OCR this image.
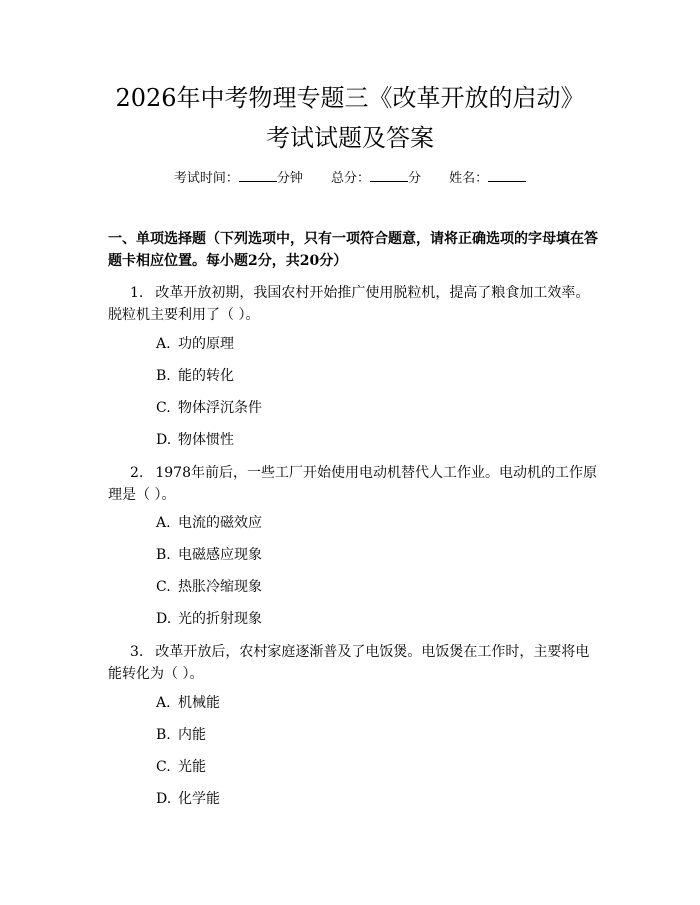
2026年中考物理专题三《改革开放的启动》
考试试题及答案
考试时间：	分钟 总分：	分 姓名：
一、单项选择题（下列选项中，只有一项符合题意，请将正确选项的字母填在答题卡相应位置。每小题2分，共20分）
1. 改革开放初期，我国农村开始推广使用脱粒机，提高了粮食加工效率。脱粒机主要利用了（ ）。
A. 功的原理
B. 能的转化
C. 物体浮沉条件
D. 物体惯性
2. 1978年前后，一些工厂开始使用电动机替代人工作业。电动机的工作原理是（ ）。
A. 电流的磁效应
B. 电磁感应现象
C. 热胀冷缩现象
D. 光的折射现象
3. 改革开放后，农村家庭逐渐普及了电饭煲。电饭煲在工作时，主要将电能转化为（ ）。
A. 机械能
B. 内能
C. 光能
D. 化学能
